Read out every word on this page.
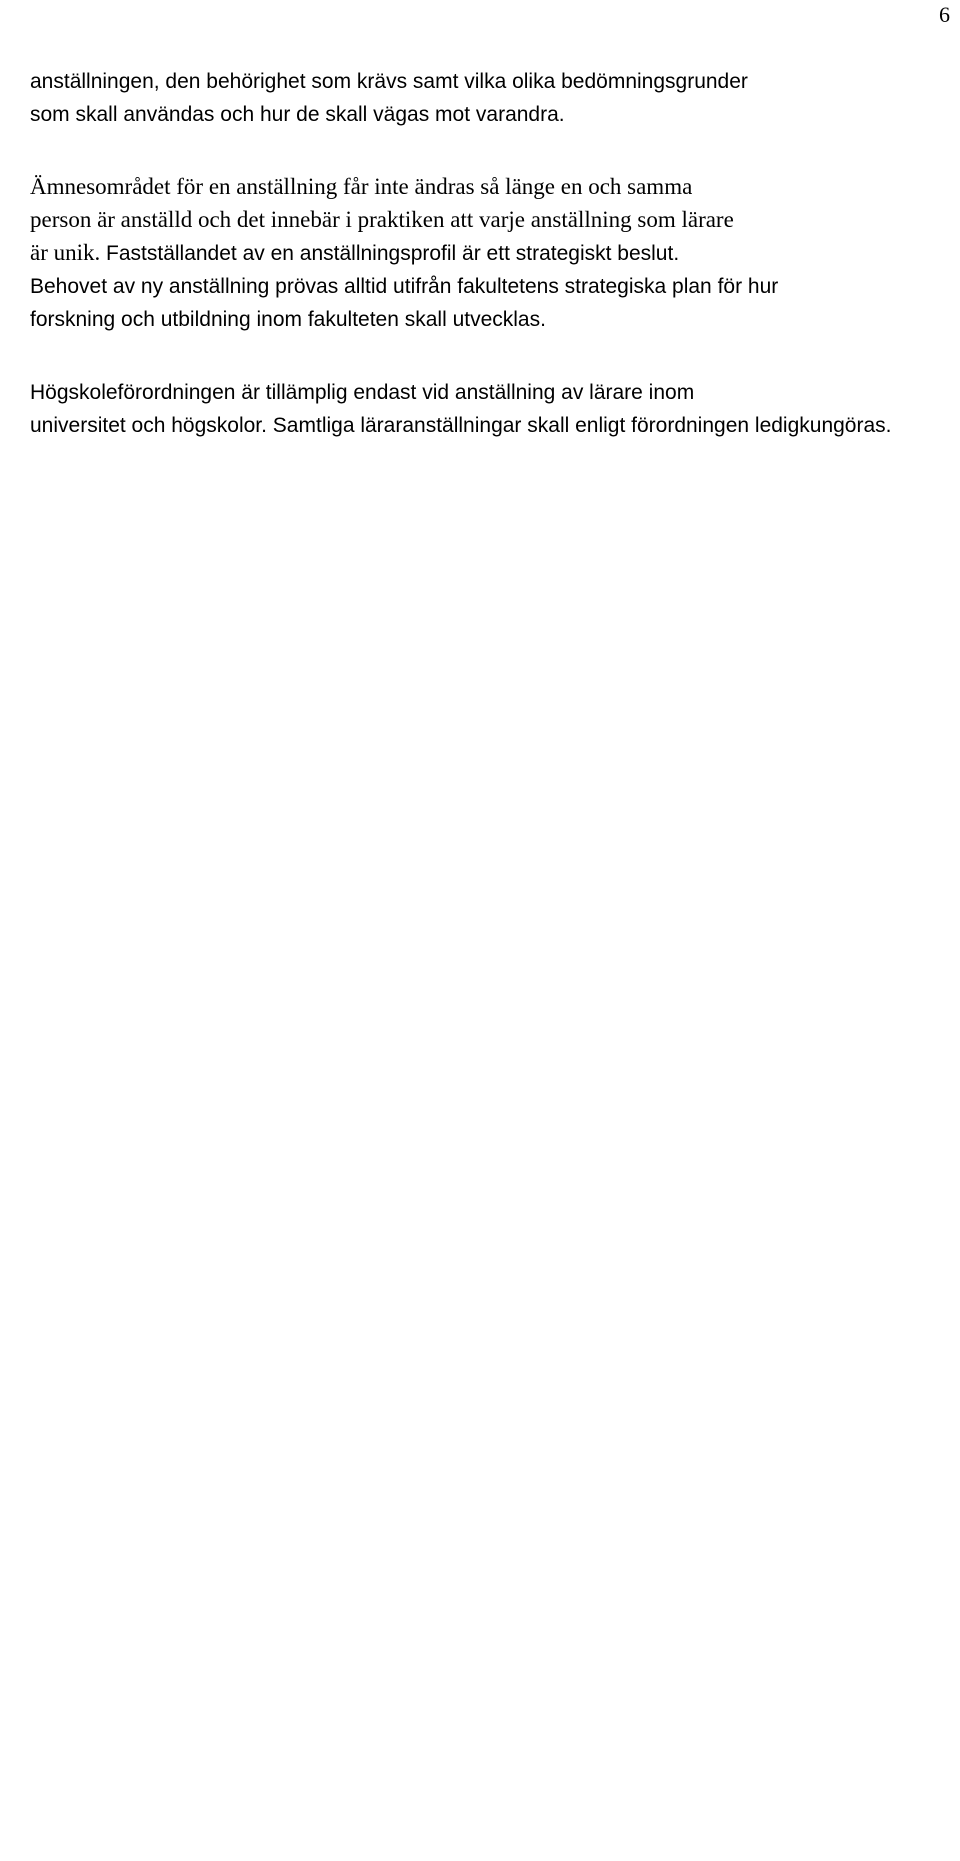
6
anställningen, den behörighet som krävs samt vilka olika bedömningsgrunder
som skall användas och hur de skall vägas mot varandra.
Ämnesområdet för en anställning får inte ändras så länge en och samma
person är anställd och det innebär i praktiken att varje anställning som lärare
är unik. Fastställandet av en anställningsprofil är ett strategiskt beslut.
Behovet av ny anställning prövas alltid utifrån fakultetens strategiska plan för hur
forskning och utbildning inom fakulteten skall utvecklas.
Högskoleförordningen är tillämplig endast vid anställning av lärare inom
universitet och högskolor. Samtliga läraranställningar skall enligt förordningen ledigkungöras.
